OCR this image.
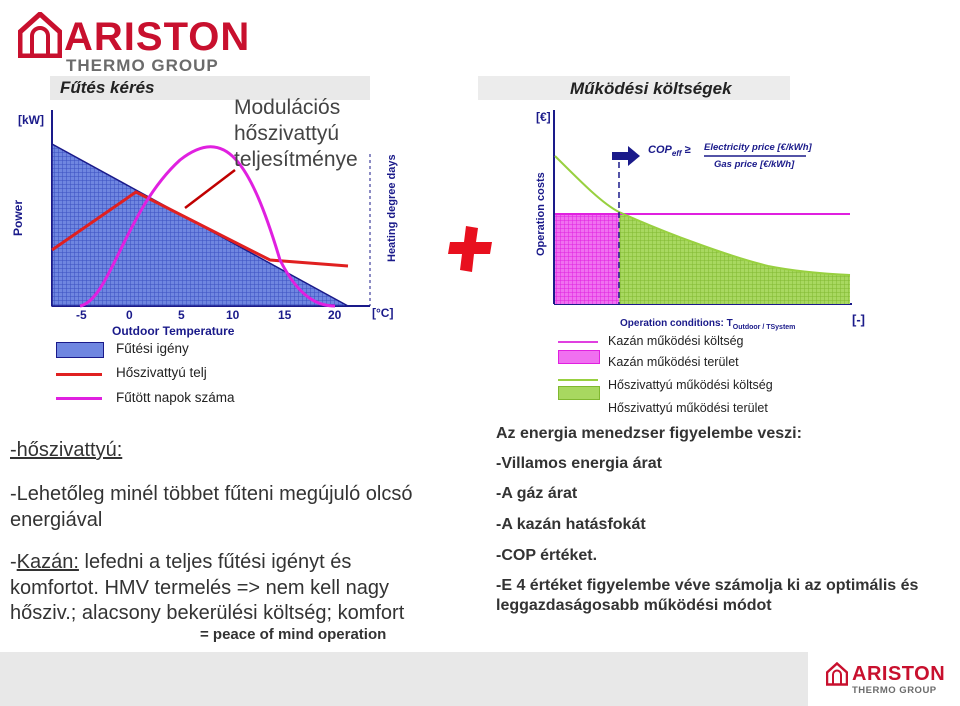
ARISTON
THERMO GROUP
Fűtés kérés	Működési költségek
[kW]
Power	Heating degree days
[°C]
Outdoor Temperature
-5	0	5	10	15	20
Modulációs
hőszivattyú
teljesítménye
Fűtési igény
Hőszivattyú telj
Fűtött napok száma
[€]
Operation costs
[-]
$COP_{eff}$ ≥ Electricity price [€/kWh]
Gas price [€/kWh]
Operation conditions: $T_{Outdoor / TSystem}$
Kazán működési költség
Kazán működési terület
Hőszivattyú működési költség
Hőszivattyú működési terület
-hőszivattyú:
-Lehetőleg minél többet fűteni megújuló olcsó
energiával
-Kazán: lefedni a teljes fűtési igényt és
komfortot. HMV termelés => nem kell nagy
hősziv.; alacsony bekerülési költség; komfort
= peace of mind operation
Az energia menedzser figyelembe veszi:
-Villamos energia árat
-A gáz árat
-A kazán hatásfokát
-COP értéket.
-E 4 értéket figyelembe véve számolja ki az optimális és
leggazdaságosabb működési módot
ARISTON
THERMO GROUP
